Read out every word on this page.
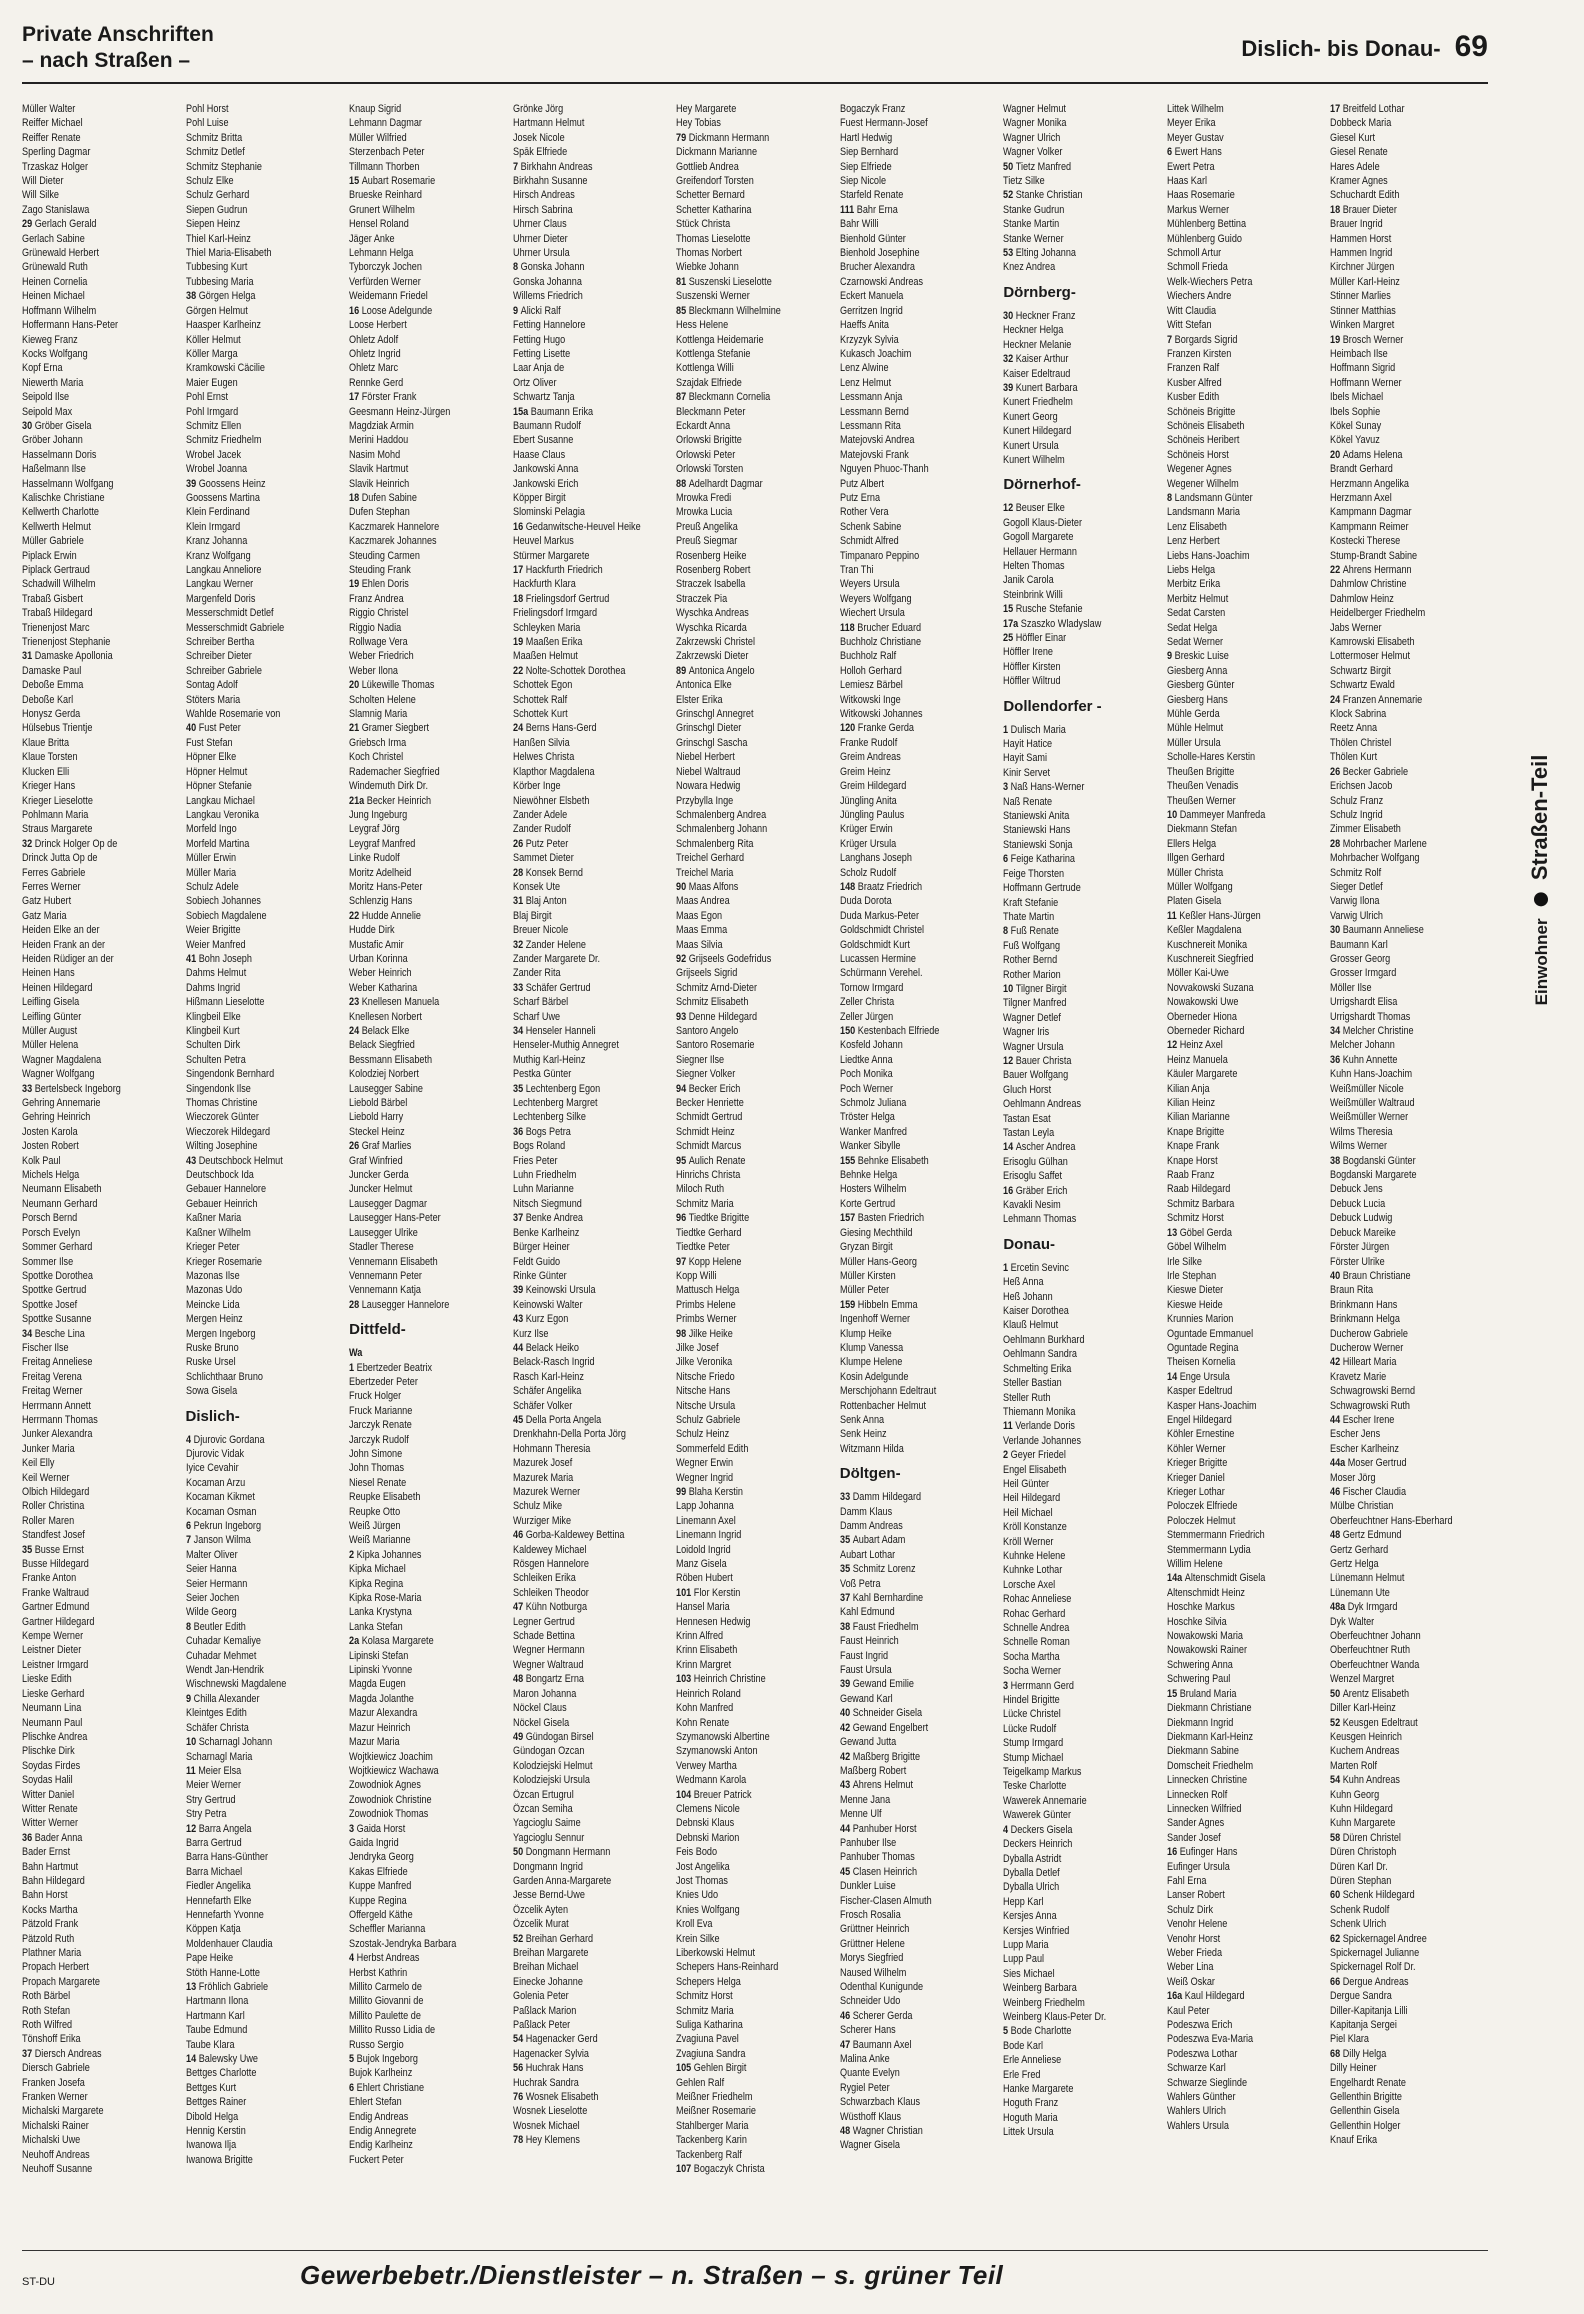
Private Anschriften
– nach Straßen –	Dislich- bis Donau- 69
Müller Walter
Reiffer Michael
Reiffer Renate
Sperling Dagmar
Trzaskaz Holger
Will Dieter
Will Silke
Zago Stanislawa
29 Gerlach Gerald
Gerlach Sabine
Grünewald Herbert
Grünewald Ruth
Heinen Cornelia
Heinen Michael
Hoffmann Wilhelm
Hoffermann Hans-Peter
Kieweg Franz
Kocks Wolfgang
Kopf Erna
Niewerth Maria
Seipold Ilse
Seipold Max
30 Gröber Gisela
Gröber Johann
Hasselmann Doris
Haßelmann Ilse
Hasselmann Wolfgang
Kalischke Christiane
Kellwerth Charlotte
Kellwerth Helmut
Müller Gabriele
Piplack Erwin
Piplack Gertraud
Schadwill Wilhelm
Trabaß Gisbert
Trabaß Hildegard
Trienenjost Marc
Trienenjost Stephanie
31 Damaske Apollonia
Damaske Paul
Deboße Emma
Deboße Karl
Honysz Gerda
Hülsebus Trientje
Klaue Britta
Klaue Torsten
Klucken Elli
Krieger Hans
Krieger Lieselotte
Pohlmann Maria
Straus Margarete
32 Drinck Holger Op de
Drinck Jutta Op de
Ferres Gabriele
Ferres Werner
Gatz Hubert
Gatz Maria
Heiden Elke an der
Heiden Frank an der
Heiden Rüdiger an der
Heinen Hans
Heinen Hildegard
Leifling Gisela
Leifling Günter
Müller August
Müller Helena
Wagner Magdalena
Wagner Wolfgang
33 Bertelsbeck Ingeborg
Gehring Annemarie
Gehring Heinrich
Josten Karola
Josten Robert
Kolk Paul
Michels Helga
Neumann Elisabeth
Neumann Gerhard
Porsch Bernd
Porsch Evelyn
Sommer Gerhard
Sommer Ilse
Spottke Dorothea
Spottke Gertrud
Spottke Josef
Spottke Susanne
34 Besche Lina
Fischer Ilse
Freitag Anneliese
Freitag Verena
Freitag Werner
Herrmann Annett
Herrmann Thomas
Junker Alexandra
Junker Maria
Keil Elly
Keil Werner
Olbich Hildegard
Roller Christina
Roller Maren
Standfest Josef
35 Busse Ernst
Busse Hildegard
Franke Anton
Franke Waltraud
Gartner Edmund
Gartner Hildegard
Kempe Werner
Leistner Dieter
Leistner Irmgard
Lieske Edith
Lieske Gerhard
Neumann Lina
Neumann Paul
Plischke Andrea
Plischke Dirk
Soydas Firdes
Soydas Halil
Witter Daniel
Witter Renate
Witter Werner
36 Bader Anna
Bader Ernst
Bahn Hartmut
Bahn Hildegard
Bahn Horst
Kocks Martha
Pätzold Frank
Pätzold Ruth
Plathner Maria
Propach Herbert
Propach Margarete
Roth Bärbel
Roth Stefan
Roth Wilfred
Tönshoff Erika
37 Diersch Andreas
Diersch Gabriele
Franken Josefa
Franken Werner
Michalski Margarete
Michalski Rainer
Michalski Uwe
Neuhoff Andreas
Neuhoff Susanne
Pohl Horst
Pohl Luise
Schmitz Britta
Schmitz Detlef
Schmitz Stephanie
Schulz Elke
Schulz Gerhard
Siepen Gudrun
Siepen Heinz
Thiel Karl-Heinz
Thiel Maria-Elisabeth
Tubbesing Kurt
Tubbesing Maria
38 Görgen Helga
Görgen Helmut
Haasper Karlheinz
Köller Helmut
Köller Marga
Kramkowski Cäcilie
Maier Eugen
Pohl Ernst
Pohl Irmgard
Schmitz Ellen
Schmitz Friedhelm
Wrobel Jacek
Wrobel Joanna
39 Goossens Heinz
Goossens Martina
Klein Ferdinand
Klein Irmgard
Kranz Johanna
Kranz Wolfgang
Langkau Anneliore
Langkau Werner
Margenfeld Doris
Messerschmidt Detlef
Messerschmidt Gabriele
Schreiber Bertha
Schreiber Dieter
Schreiber Gabriele
Sontag Adolf
Stöters Maria
Wahlde Rosemarie von
40 Fust Peter
Fust Stefan
Höpner Elke
Höpner Helmut
Höpner Stefanie
Langkau Michael
Langkau Veronika
Morfeld Ingo
Morfeld Martina
Müller Erwin
Müller Maria
Schulz Adele
Sobiech Johannes
Sobiech Magdalene
Weier Brigitte
Weier Manfred
41 Bohn Joseph
Dahms Helmut
Dahms Ingrid
Hißmann Lieselotte
Klingbeil Elke
Klingbeil Kurt
Schulten Dirk
Schulten Petra
Singendonk Bernhard
Singendonk Ilse
Thomas Christine
Wieczorek Günter
Wieczorek Hildegard
Wilting Josephine
43 Deutschbock Helmut
Deutschbock Ida
Gebauer Hannelore
Gebauer Heinrich
Kaßner Maria
Kaßner Wilhelm
Krieger Peter
Krieger Rosemarie
Mazonas Ilse
Mazonas Udo
Meincke Lida
Mergen Heinz
Mergen Ingeborg
Ruske Bruno
Ruske Ursel
Schlichthaar Bruno
Sowa Gisela
Dislich-
4 Djurovic Gordana
Djurovic Vidak
Iyice Cevahir
Kocaman Arzu
Kocaman Kikmet
Kocaman Osman
6 Pekrun Ingeborg
7 Janson Wilma
Malter Oliver
Seier Hanna
Seier Hermann
Seier Jochen
Wilde Georg
8 Beutler Edith
Cuhadar Kemaliye
Cuhadar Mehmet
Wendt Jan-Hendrik
Wischnewski Magdalene
9 Chilla Alexander
Kleintges Edith
Schäfer Christa
10 Scharnagl Johann
Scharnagl Maria
11 Meier Elsa
Meier Werner
Stry Gertrud
Stry Petra
12 Barra Angela
Barra Gertrud
Barra Hans-Günther
Barra Michael
Fiedler Angelika
Hennefarth Elke
Hennefarth Yvonne
Köppen Katja
Moldenhauer Claudia
Pape Heike
Stöth Hanne-Lotte
13 Fröhlich Gabriele
Hartmann Ilona
Hartmann Karl
Taube Edmund
Taube Klara
14 Balewsky Uwe
Bettges Charlotte
Bettges Kurt
Bettges Rainer
Dibold Helga
Hennig Kerstin
Iwanowa Ilja
Iwanowa Brigitte
Knaup Sigrid
Lehmann Dagmar
Müller Wilfried
Sterzenbach Peter
Tillmann Thorben
15 Aubart Rosemarie
Brueske Reinhard
Grunert Wilhelm
Hensel Roland
Jäger Anke
Lehmann Helga
Tyborczyk Jochen
Verfürden Werner
Weidemann Friedel
16 Loose Adelgunde
Loose Herbert
Ohletz Adolf
Ohletz Ingrid
Ohletz Marc
Rennke Gerd
17 Förster Frank
Geesmann Heinz-Jürgen
Magdziak Armin
Merini Haddou
Nasim Mohd
Slavik Hartmut
Slavik Heinrich
18 Dufen Sabine
Dufen Stephan
Kaczmarek Hannelore
Kaczmarek Johannes
Steuding Carmen
Steuding Frank
19 Ehlen Doris
Franz Andrea
Riggio Christel
Riggio Nadia
Rollwage Vera
Weber Friedrich
Weber Ilona
20 Lükewille Thomas
Scholten Helene
Slamnig Maria
21 Gramer Siegbert
Griebsch Irma
Koch Christel
Rademacher Siegfried
Windemuth Dirk Dr.
21a Becker Heinrich
Jung Ingeburg
Leygraf Jörg
Leygraf Manfred
Linke Rudolf
Moritz Adelheid
Moritz Hans-Peter
Schlenzig Hans
22 Hudde Annelie
Hudde Dirk
Mustafic Amir
Urban Korinna
Weber Heinrich
Weber Katharina
23 Knellesen Manuela
Knellesen Norbert
24 Belack Elke
Belack Siegfried
Bessmann Elisabeth
Kolodziej Norbert
Lausegger Sabine
Liebold Bärbel
Liebold Harry
Steckel Heinz
26 Graf Marlies
Graf Winfried
Juncker Gerda
Juncker Helmut
Lausegger Dagmar
Lausegger Hans-Peter
Lausegger Ulrike
Stadler Therese
Vennemann Elisabeth
Vennemann Peter
Vennemann Katja
28 Lausegger Hannelore
Dittfeld-
Wa
1 Ebertzeder Beatrix
Ebertzeder Peter
Fruck Holger
Fruck Marianne
Jarczyk Renate
Jarczyk Rudolf
John Simone
John Thomas
Niesel Renate
Reupke Elisabeth
Reupke Otto
Weiß Jürgen
Weiß Marianne
2 Kipka Johannes
Kipka Michael
Kipka Regina
Kipka Rose-Maria
Lanka Krystyna
Lanka Stefan
2a Kolasa Margarete
Lipinski Stefan
Lipinski Yvonne
Magda Eugen
Magda Jolanthe
Mazur Alexandra
Mazur Heinrich
Mazur Maria
Wojtkiewicz Joachim
Wojtkiewicz Wachawa
Zowodniok Agnes
Zowodniok Christine
Zowodniok Thomas
3 Gaida Horst
Gaida Ingrid
Jendryka Georg
Kakas Elfriede
Kuppe Manfred
Kuppe Regina
Offergeld Käthe
Scheffler Marianna
Szostak-Jendryka Barbara
4 Herbst Andreas
Herbst Kathrin
Millito Carmelo de
Millito Giovanni de
Millito Paulette de
Millito Russo Lidia de
Russo Sergio
5 Bujok Ingeborg
Bujok Karlheinz
6 Ehlert Christiane
Ehlert Stefan
Endig Andreas
Endig Annegrete
Endig Karlheinz
Fuckert Peter
Grönke Jörg
Hartmann Helmut
Josek Nicole
Spāk Elfriede
7 Birkhahn Andreas
Birkhahn Susanne
Hirsch Andreas
Hirsch Sabrina
Uhrner Claus
Uhrner Dieter
Uhrner Ursula
8 Gonska Johann
Gonska Johanna
Willems Friedrich
9 Alicki Ralf
Fetting Hannelore
Fetting Hugo
Fetting Lisette
Laar Anja de
Ortz Oliver
Schwartz Tanja
15a Baumann Erika
Baumann Rudolf
Ebert Susanne
Haase Claus
Jankowski Anna
Jankowski Erich
Köpper Birgit
Slominski Pelagia
16 Gedanwitsche-Heuvel Heike
Heuvel Markus
Stürmer Margarete
17 Hackfurth Friedrich
Hackfurth Klara
18 Frielingsdorf Gertrud
Frielingsdorf Irmgard
Schleyken Maria
19 Maaßen Erika
Maaßen Helmut
22 Nolte-Schottek Dorothea
Schottek Egon
Schottek Ralf
Schottek Kurt
24 Berns Hans-Gerd
Hanßen Silvia
Helwes Christa
Klapthor Magdalena
Körber Inge
Niewöhner Elsbeth
Zander Adele
Zander Rudolf
26 Putz Peter
Sammet Dieter
28 Konsek Bernd
Konsek Ute
31 Blaj Anton
Blaj Birgit
Breuer Nicole
32 Zander Helene
Zander Margarete Dr.
Zander Rita
33 Schäfer Gertrud
Scharf Bärbel
Scharf Uwe
34 Henseler Hanneli
Henseler-Muthig Annegret
Muthig Karl-Heinz
Pestka Günter
35 Lechtenberg Egon
Lechtenberg Margret
Lechtenberg Silke
36 Bogs Petra
Bogs Roland
Fries Peter
Luhn Friedhelm
Luhn Marianne
Nitsch Siegmund
37 Benke Andrea
Benke Karlheinz
Bürger Heiner
Feldt Guido
Rinke Günter
39 Keinowski Ursula
Keinowski Walter
43 Kurz Egon
Kurz Ilse
44 Belack Heiko
Belack-Rasch Ingrid
Rasch Karl-Heinz
Schäfer Angelika
Schäfer Volker
45 Della Porta Angela
Drenkhahn-Della Porta Jörg
Hohmann Theresia
Mazurek Josef
Mazurek Maria
Mazurek Werner
Schulz Mike
Wurziger Mike
46 Gorba-Kaldewey Bettina
Kaldewey Michael
Rösgen Hannelore
Schleiken Erika
Schleiken Theodor
47 Kühn Notburga
Legner Gertrud
Schade Bettina
Wegner Hermann
Wegner Waltraud
48 Bongartz Erna
Maron Johanna
Nöckel Claus
Nöckel Gisela
49 Gündogan Birsel
Gündogan Ozcan
Kolodziejski Helmut
Kolodziejski Ursula
Özcan Ertugrul
Özcan Semiha
Yagcioglu Saime
Yagcioglu Sennur
50 Dongmann Hermann
Dongmann Ingrid
Garden Anna-Margarete
Jesse Bernd-Uwe
Özcelik Ayten
Özcelik Murat
52 Breihan Gerhard
Breihan Margarete
Breihan Michael
Einecke Johanne
Golenia Peter
Paßlack Marion
Paßlack Peter
54 Hagenacker Gerd
Hagenacker Sylvia
56 Huchrak Hans
Huchrak Sandra
76 Wosnek Elisabeth
Wosnek Lieselotte
Wosnek Michael
78 Hey Klemens
Hey Margarete
Hey Tobias
79 Dickmann Hermann
Dickmann Marianne
Gottlieb Andrea
Greifendorf Torsten
Schetter Bernard
Schetter Katharina
Stück Christa
Thomas Lieselotte
Thomas Norbert
Wiebke Johann
81 Suszenski Lieselotte
Suszenski Werner
85 Bleckmann Wilhelmine
Hess Helene
Kottlenga Heidemarie
Kottlenga Stefanie
Kottlenga Willi
Szajdak Elfriede
87 Bleckmann Cornelia
Bleckmann Peter
Eckardt Anna
Orlowski Brigitte
Orlowski Peter
Orlowski Torsten
88 Adelhardt Dagmar
Mrowka Fredi
Mrowka Lucia
Preuß Angelika
Preuß Siegmar
Rosenberg Heike
Rosenberg Robert
Straczek Isabella
Straczek Pia
Wyschka Andreas
Wyschka Ricarda
Zakrzewski Christel
Zakrzewski Dieter
89 Antonica Angelo
Antonica Elke
Elster Erika
Grinschgl Annegret
Grinschgl Dieter
Grinschgl Sascha
Niebel Herbert
Niebel Waltraud
Nowara Hedwig
Przybylla Inge
Schmalenberg Andrea
Schmalenberg Johann
Schmalenberg Rita
Treichel Gerhard
Treichel Maria
90 Maas Alfons
Maas Andrea
Maas Egon
Maas Emma
Maas Silvia
92 Grijseels Godefridus
Grijseels Sigrid
Schmitz Arnd-Dieter
Schmitz Elisabeth
93 Denne Hildegard
Santoro Angelo
Santoro Rosemarie
Siegner Ilse
Siegner Volker
94 Becker Erich
Becker Henriette
Schmidt Gertrud
Schmidt Heinz
Schmidt Marcus
95 Aulich Renate
Hinrichs Christa
Miloch Ruth
Schmitz Maria
96 Tiedtke Brigitte
Tiedtke Gerhard
Tiedtke Peter
97 Kopp Helene
Kopp Willi
Mattusch Helga
Primbs Helene
Primbs Werner
98 Jilke Heike
Jilke Josef
Jilke Veronika
Nitsche Friedo
Nitsche Hans
Nitsche Ursula
Schulz Gabriele
Schulz Heinz
Sommerfeld Edith
Wegner Erwin
Wegner Ingrid
99 Blaha Kerstin
Lapp Johanna
Linemann Axel
Linemann Ingrid
Loidold Ingrid
Manz Gisela
Röben Hubert
101 Flor Kerstin
Hansel Maria
Hennesen Hedwig
Krinn Alfred
Krinn Elisabeth
Krinn Margret
103 Heinrich Christine
Heinrich Roland
Kohn Manfred
Kohn Renate
Szymanowski Albertine
Szymanowski Anton
Verwey Martha
Wedmann Karola
104 Breuer Patrick
Clemens Nicole
Debnski Klaus
Debnski Marion
Feis Bodo
Jost Angelika
Jost Thomas
Knies Udo
Knies Wolfgang
Kroll Eva
Krein Silke
Liberkowski Helmut
Schepers Hans-Reinhard
Schepers Helga
Schmitz Horst
Schmitz Maria
Suliga Katharina
Zvagiuna Pavel
Zvagiuna Sandra
105 Gehlen Birgit
Gehlen Ralf
Meißner Friedhelm
Meißner Rosemarie
Stahlberger Maria
Tackenberg Karin
Tackenberg Ralf
107 Bogaczyk Christa
Bogaczyk Franz
Fuest Hermann-Josef
Hartl Hedwig
Siep Bernhard
Siep Elfriede
Siep Nicole
Starfeld Renate
111 Bahr Erna
Bahr Willi
Bienhold Günter
Bienhold Josephine
Brucher Alexandra
Czarnowski Andreas
Eckert Manuela
Gerritzen Ingrid
Haeffs Anita
Krzyzyk Sylvia
Kukasch Joachim
Lenz Alwine
Lenz Helmut
Lessmann Anja
Lessmann Bernd
Lessmann Rita
Matejovski Andrea
Matejovski Frank
Nguyen Phuoc-Thanh
Putz Albert
Putz Erna
Rother Vera
Schenk Sabine
Schmidt Alfred
Timpanaro Peppino
Tran Thi
Weyers Ursula
Weyers Wolfgang
Wiechert Ursula
118 Brucher Eduard
Buchholz Christiane
Buchholz Ralf
Holloh Gerhard
Lemiesz Bärbel
Witkowski Inge
Witkowski Johannes
120 Franke Gerda
Franke Rudolf
Greim Andreas
Greim Heinz
Greim Hildegard
Jüngling Anita
Jüngling Paulus
Krüger Erwin
Krüger Ursula
Langhans Joseph
Scholz Rudolf
148 Braatz Friedrich
Duda Dorota
Duda Markus-Peter
Goldschmidt Christel
Goldschmidt Kurt
Lucassen Hermine
Schürmann Verehel.
Tornow Irmgard
Zeller Christa
Zeller Jürgen
150 Kestenbach Elfriede
Kosfeld Johann
Liedtke Anna
Poch Monika
Poch Werner
Schmolz Juliana
Tröster Helga
Wanker Manfred
Wanker Sibylle
155 Behnke Elisabeth
Behnke Helga
Hosters Wilhelm
Korte Gertrud
157 Basten Friedrich
Giesing Mechthild
Gryzan Birgit
Müller Hans-Georg
Müller Kirsten
Müller Peter
159 Hibbeln Emma
Ingenhoff Werner
Klump Heike
Klump Vanessa
Klumpe Helene
Kosin Adelgunde
Merschjohann Edeltraut
Rottenbacher Helmut
Senk Anna
Senk Heinz
Witzmann Hilda
Döltgen-
33 Damm Hildegard
Damm Klaus
Damm Andreas
35 Aubart Adam
Aubart Lothar
35 Schmitz Lorenz
Voß Petra
37 Kahl Bernhardine
Kahl Edmund
38 Faust Friedhelm
Faust Heinrich
Faust Ingrid
Faust Ursula
39 Gewand Emilie
Gewand Karl
40 Schneider Gisela
42 Gewand Engelbert
Gewand Jutta
42 Maßberg Brigitte
Maßberg Robert
43 Ahrens Helmut
Menne Jana
Menne Ulf
44 Panhuber Horst
Panhuber Ilse
Panhuber Thomas
45 Clasen Heinrich
Dunkler Luise
Fischer-Clasen Almuth
Frosch Rosalia
Grüttner Heinrich
Grüttner Helene
Morys Siegfried
Naused Wilhelm
Odenthal Kunigunde
Schneider Udo
46 Scherer Gerda
Scherer Hans
47 Baumann Axel
Malina Anke
Quante Evelyn
Rygiel Peter
Schwarzbach Klaus
Wüsthoff Klaus
48 Wagner Christian
Wagner Gisela
Wagner Helmut
Wagner Monika
Wagner Ulrich
Wagner Volker
50 Tietz Manfred
Tietz Silke
52 Stanke Christian
Stanke Gudrun
Stanke Martin
Stanke Werner
53 Elting Johanna
Knez Andrea
Dörnberg-
30 Heckner Franz
Heckner Helga
Heckner Melanie
32 Kaiser Arthur
Kaiser Edeltraud
39 Kunert Barbara
Kunert Friedhelm
Kunert Georg
Kunert Hildegard
Kunert Ursula
Kunert Wilhelm
Dörnerhof-
12 Beuser Elke
Gogoll Klaus-Dieter
Gogoll Margarete
Hellauer Hermann
Helten Thomas
Janik Carola
Steinbrink Willi
15 Rusche Stefanie
17a Szaszko Wladyslaw
25 Höffler Einar
Höffler Irene
Höffler Kirsten
Höffler Wiltrud
Dollendorfer -
1 Dulisch Maria
Hayit Hatice
Hayit Sami
Kinir Servet
3 Naß Hans-Werner
Naß Renate
Staniewski Anita
Staniewski Hans
Staniewski Sonja
6 Feige Katharina
Feige Thorsten
Hoffmann Gertrude
Kraft Stefanie
Thate Martin
8 Fuß Renate
Fuß Wolfgang
Rother Bernd
Rother Marion
10 Tilgner Birgit
Tilgner Manfred
Wagner Detlef
Wagner Iris
Wagner Ursula
12 Bauer Christa
Bauer Wolfgang
Gluch Horst
Oehlmann Andreas
Tastan Esat
Tastan Leyla
14 Ascher Andrea
Erisoglu Gülhan
Erisoglu Saffet
16 Gräber Erich
Kavakli Nesim
Lehmann Thomas
Donau-
1 Ercetin Sevinc
Heß Anna
Heß Johann
Kaiser Dorothea
Klauß Helmut
Oehlmann Burkhard
Oehlmann Sandra
Schmelting Erika
Steller Bastian
Steller Ruth
Thiemann Monika
11 Verlande Doris
Verlande Johannes
2 Geyer Friedel
Engel Elisabeth
Heil Günter
Heil Hildegard
Heil Michael
Kröll Konstanze
Kröll Werner
Kuhnke Helene
Kuhnke Lothar
Lorsche Axel
Rohac Anneliese
Rohac Gerhard
Schnelle Andrea
Schnelle Roman
Socha Martha
Socha Werner
3 Herrmann Gerd
Hindel Brigitte
Lücke Christel
Lücke Rudolf
Stump Irmgard
Stump Michael
Teigelkamp Markus
Teske Charlotte
Wawerek Annemarie
Wawerek Günter
4 Deckers Gisela
Deckers Heinrich
Dyballa Astridt
Dyballa Detlef
Dyballa Ulrich
Hepp Karl
Kersjes Anna
Kersjes Winfried
Lupp Maria
Lupp Paul
Sies Michael
Weinberg Barbara
Weinberg Friedhelm
Weinberg Klaus-Peter Dr.
5 Bode Charlotte
Bode Karl
Erle Anneliese
Erle Fred
Hanke Margarete
Hoguth Franz
Hoguth Maria
Littek Ursula
Littek Wilhelm
Meyer Erika
Meyer Gustav
6 Ewert Hans
Ewert Petra
Haas Karl
Haas Rosemarie
Markus Werner
Mühlenberg Bettina
Mühlenberg Guido
Schmoll Artur
Schmoll Frieda
Welk-Wiechers Petra
Wiechers Andre
Witt Claudia
Witt Stefan
7 Borgards Sigrid
Franzen Kirsten
Franzen Ralf
Kusber Alfred
Kusber Edith
Schöneis Brigitte
Schöneis Elisabeth
Schöneis Heribert
Schöneis Horst
Wegener Agnes
Wegener Wilhelm
8 Landsmann Günter
Landsmann Maria
Lenz Elisabeth
Lenz Herbert
Liebs Hans-Joachim
Liebs Helga
Merbitz Erika
Merbitz Helmut
Sedat Carsten
Sedat Helga
Sedat Werner
9 Breskic Luise
Giesberg Anna
Giesberg Günter
Giesberg Hans
Mühle Gerda
Mühle Helmut
Müller Ursula
Scholle-Hares Kerstin
Theußen Brigitte
Theußen Venadis
Theußen Werner
10 Dammeyer Manfreda
Diekmann Stefan
Ellers Helga
Illgen Gerhard
Müller Christa
Müller Wolfgang
Platen Gisela
11 Keßler Hans-Jürgen
Keßler Magdalena
Kuschnereit Monika
Kuschnereit Siegfried
Möller Kai-Uwe
Novvakowski Suzana
Nowakowski Uwe
Oberneder Hiona
Oberneder Richard
12 Heinz Axel
Heinz Manuela
Käuler Margarete
Kilian Anja
Kilian Heinz
Kilian Marianne
Knape Brigitte
Knape Frank
Knape Horst
Raab Franz
Raab Hildegard
Schmitz Barbara
Schmitz Horst
13 Göbel Gerda
Göbel Wilhelm
Irle Silke
Irle Stephan
Kieswe Dieter
Kieswe Heide
Krunnies Marion
Oguntade Emmanuel
Oguntade Regina
Theisen Kornelia
14 Enge Ursula
Kasper Edeltrud
Kasper Hans-Joachim
Engel Hildegard
Köhler Ernestine
Köhler Werner
Krieger Brigitte
Krieger Daniel
Krieger Lothar
Poloczek Elfriede
Poloczek Helmut
Stemmermann Friedrich
Stemmermann Lydia
Willim Helene
14a Altenschmidt Gisela
Altenschmidt Heinz
Hoschke Markus
Hoschke Silvia
Nowakowski Maria
Nowakowski Rainer
Schwering Anna
Schwering Paul
15 Bruland Maria
Diekmann Christiane
Diekmann Ingrid
Diekmann Karl-Heinz
Diekmann Sabine
Domscheit Friedhelm
Linnecken Christine
Linnecken Rolf
Linnecken Wilfried
Sander Agnes
Sander Josef
16 Eufinger Hans
Eufinger Ursula
Fahl Erna
Lanser Robert
Schulz Dirk
Venohr Helene
Venohr Horst
Weber Frieda
Weber Lina
Weiß Oskar
16a Kaul Hildegard
Kaul Peter
Podeszwa Erich
Podeszwa Eva-Maria
Podeszwa Lothar
Schwarze Karl
Schwarze Sieglinde
Wahlers Günther
Wahlers Ulrich
Wahlers Ursula
17 Breitfeld Lothar
Dobbeck Maria
Giesel Kurt
Giesel Renate
Hares Adele
Kramer Agnes
Schuchardt Edith
18 Brauer Dieter
Brauer Ingrid
Hammen Horst
Hammen Ingrid
Kirchner Jürgen
Müller Karl-Heinz
Stinner Marlies
Stinner Matthias
Winken Margret
19 Brosch Werner
Heimbach Ilse
Hoffmann Sigrid
Hoffmann Werner
Ibels Michael
Ibels Sophie
Kökel Sunay
Kökel Yavuz
20 Adams Helena
Brandt Gerhard
Herzmann Angelika
Herzmann Axel
Kampmann Dagmar
Kampmann Reimer
Kostecki Therese
Stump-Brandt Sabine
22 Ahrens Hermann
Dahmlow Christine
Dahmlow Heinz
Heidelberger Friedhelm
Jabs Werner
Kamrowski Elisabeth
Lottermoser Helmut
Schwartz Birgit
Schwartz Ewald
24 Franzen Annemarie
Klock Sabrina
Reetz Anna
Thölen Christel
Thölen Kurt
26 Becker Gabriele
Erichsen Jacob
Schulz Franz
Schulz Ingrid
Zimmer Elisabeth
28 Mohrbacher Marlene
Mohrbacher Wolfgang
Schmitz Rolf
Sieger Detlef
Varwig Ilona
Varwig Ulrich
30 Baumann Anneliese
Baumann Karl
Grosser Georg
Grosser Irmgard
Möller Ilse
Urrigshardt Elisa
Urrigshardt Thomas
34 Melcher Christine
Melcher Johann
36 Kuhn Annette
Kuhn Hans-Joachim
Weißmüller Nicole
Weißmüller Waltraud
Weißmüller Werner
Wilms Theresia
Wilms Werner
38 Bogdanski Günter
Bogdanski Margarete
Debuck Jens
Debuck Lucia
Debuck Ludwig
Debuck Mareike
Förster Jürgen
Förster Ulrike
40 Braun Christiane
Braun Rita
Brinkmann Hans
Brinkmann Helga
Ducherow Gabriele
Ducherow Werner
42 Hilleart Maria
Kravetz Marie
Schwagrowski Bernd
Schwagrowski Ruth
44 Escher Irene
Escher Jens
Escher Karlheinz
44a Moser Gertrud
Moser Jörg
46 Fischer Claudia
Mülbe Christian
Oberfeuchtner Hans-Eberhard
48 Gertz Edmund
Gertz Gerhard
Gertz Helga
Lünemann Helmut
Lünemann Ute
48a Dyk Irmgard
Dyk Walter
Oberfeuchtner Johann
Oberfeuchtner Ruth
Oberfeuchtner Wanda
Wenzel Margret
50 Arentz Elisabeth
Diller Karl-Heinz
52 Keusgen Edeltraut
Keusgen Heinrich
Kuchem Andreas
Marten Rolf
54 Kuhn Andreas
Kuhn Georg
Kuhn Hildegard
Kuhn Margarete
58 Düren Christel
Düren Christoph
Düren Karl Dr.
Düren Stephan
60 Schenk Hildegard
Schenk Rudolf
Schenk Ulrich
62 Spickernagel Andree
Spickernagel Julianne
Spickernagel Rolf Dr.
66 Dergue Andreas
Dergue Sandra
Diller-Kapitanja Lilli
Kapitanja Sergei
Piel Klara
68 Dilly Helga
Dilly Heiner
Engelhardt Renate
Gellenthin Brigitte
Gellenthin Gisela
Gellenthin Holger
Knauf Erika
Einwohner  Straßen-Teil
ST-DU	Gewerbebetr./Dienstleister – n. Straßen – s. grüner Teil
